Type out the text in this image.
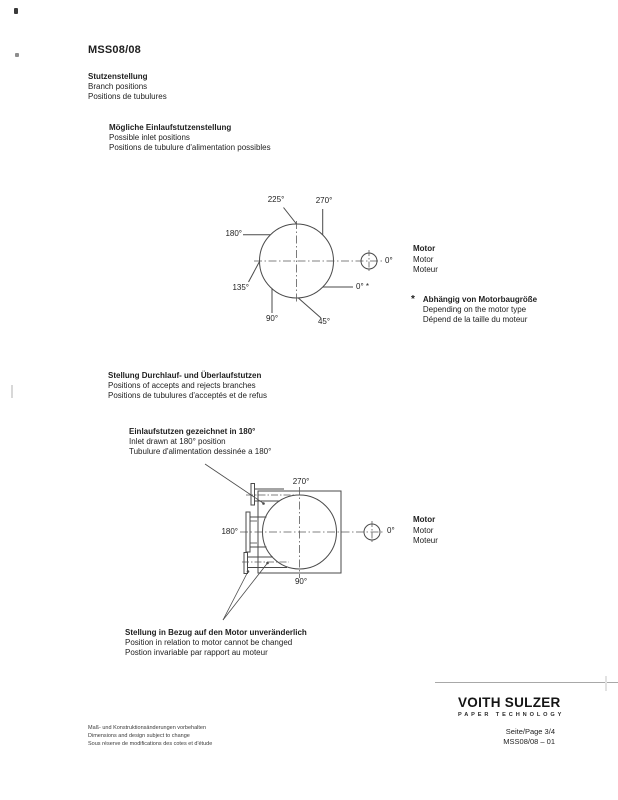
MSS08/08
Stutzenstellung
Branch positions
Positions de tubulures
Mögliche Einlaufstutzenstellung
Possible inlet positions
Positions de tubulure d'alimentation possibles
225°	270°
180°
135°
90°	45°
0° *
0°
Motor
Motor
Moteur
* Abhängig von Motorbaugröße
Depending on the motor type
Dépend de la taille du moteur
Stellung Durchlauf- und Überlaufstutzen
Positions of accepts and rejects branches
Positions de tubulures d'acceptés et de refus
Einlaufstutzen gezeichnet in 180°
Inlet drawn at 180° position
Tubulure d'alimentation dessinée a 180°
270°
180°
90°
0°
Motor
Motor
Moteur
Stellung in Bezug auf den Motor unveränderlich
Position in relation to motor cannot be changed
Postion invariable par rapport au moteur
Maß- und Konstruktionsänderungen vorbehalten
Dimensions and design subject to change
Sous réserve de modifications des cotes et d'étude
VOITH SULZER
PAPER TECHNOLOGY
Seite/Page 3/4
MSS08/08 – 01
